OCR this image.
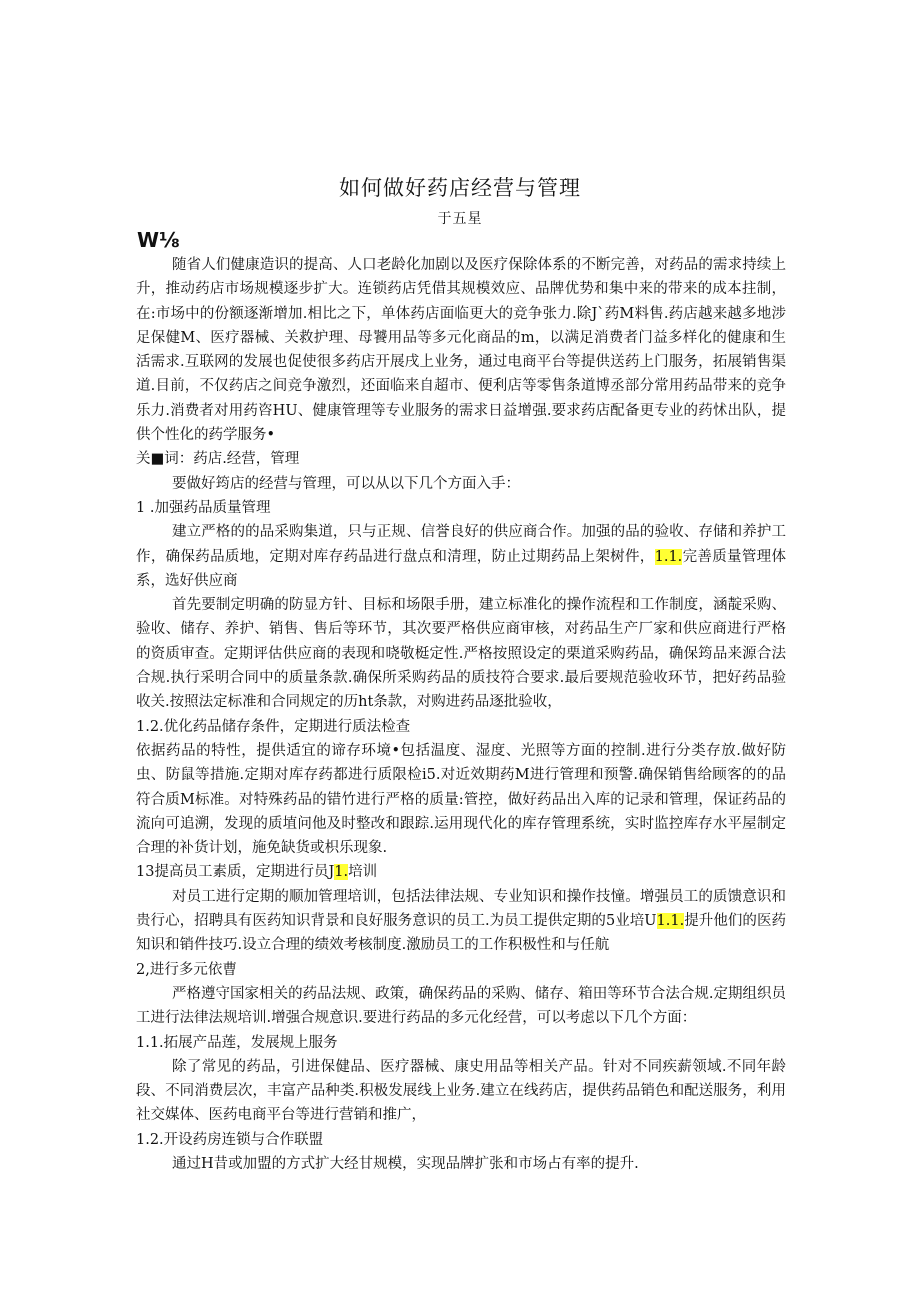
如何做好药店经营与管理
于五星
W⅛

随省人们健康造识的提高、人口老龄化加剧以及医疗保除体系的不断完善，对药品的需求持续上升，推动药店市场规模逐步扩大。连锁药店凭借其规模效应、品牌优势和集中来的带来的成本拄制，在:市场中的份额逐渐增加.相比之下，单体药店面临更大的竞争张力.除J`药M料售.药店越来越多地涉足保健M、医疗器械、关救护理、母饕用品等多元化商品的m，以满足消费者门益多样化的健康和生活需求.互联网的发展也促使很多药店开展戌上业务，通过电商平台等提供送药上门服务，拓展销售渠道.目前，不仅药店之间竞争激烈，还面临来自超市、便利店等零售条道博丞部分常用药品带来的竞争乐力.消费者对用药咨HU、健康管理等专业服务的需求日益增强.要求药店配备更专业的药怵出队，提供个性化的药学服务•

关■词：药店.经营，管理

要做好筠店的经营与管理，可以从以下几个方面入手：

1 .加强药品质量管理

建立严格的的品采购集道，只与正规、信誉良好的供应商合作。加强的品的验收、存储和养护工作，确保药品质地，定期对库存药品进行盘点和清理，防止过期药品上架树件，1.1.完善质量管理体系，选好供应商

首先要制定明确的防显方针、目标和场限手册，建立标准化的操作流程和工作制度，涵靛采购、验收、储存、养护、销售、售后等环节，其次要严格供应商审核，对药品生产厂家和供应商进行严格的资质审查。定期评估供应商的表现和哓敬梃定性.严格按照设定的栗道采购药品，确保筠品来源合法合规.执行采明合同中的质量条款.确保所采购药品的质技符合要求.最后要规范验收环节，把好药品验收关.按照法定标准和合同规定的历ht条款，对购进药品逐批验收，

1.2.优化药品储存条件，定期进行质法检查

依据药品的特性，提供适宜的谛存环境•包括温度、湿度、光照等方面的控制.进行分类存放.做好防虫、防鼠等措施.定期对库存药都进行质限检i5.对近效期药M进行管理和预警.确保销售给顾客的的品符合质M标准。对特殊药品的错竹进行严格的质量:管控，做好药品出入库的记录和管理，保证药品的流向可追溯，发现的质埴问他及时整改和跟踪.运用现代化的库存管理系统，实时监控库存水平屋制定合理的补货计划，施免缺货或枳乐现象.

13提高员工素质，定期进行员J1.培训

对员工进行定期的顺加管理培训，包括法律法规、专业知识和操作技憧。增强员工的质馈意识和贵行心，招聘具有医药知识背景和良好服务意识的员工.为员工提供定期的5业培U1.1.提升他们的医药知识和销件技巧.设立合理的绩效考核制度.激励员工的工作积极性和与任航

2,进行多元依曹

严格遵守国家相关的药品法规、政策，确保药品的采购、储存、箱田等环节合法合规.定期组织员工进行法律法规培训.增强合规意识.要进行药品的多元化经营，可以考虑以下几个方面：

1.1.拓展产品莲，发展规上服务

除了常见的药品，引进保健品、医疗器械、康史用品等相关产品。针对不同疾薪领域.不同年龄段、不同消费层次，丰富产品种类.积极发展线上业务.建立在线药店，提供药品销色和配送服务，利用社交媒体、医药电商平台等进行营销和推广，

1.2.开设药房连锁与合作联盟

通过H昔或加盟的方式扩大经甘规模，实现品牌扩张和市场占有率的提升.
